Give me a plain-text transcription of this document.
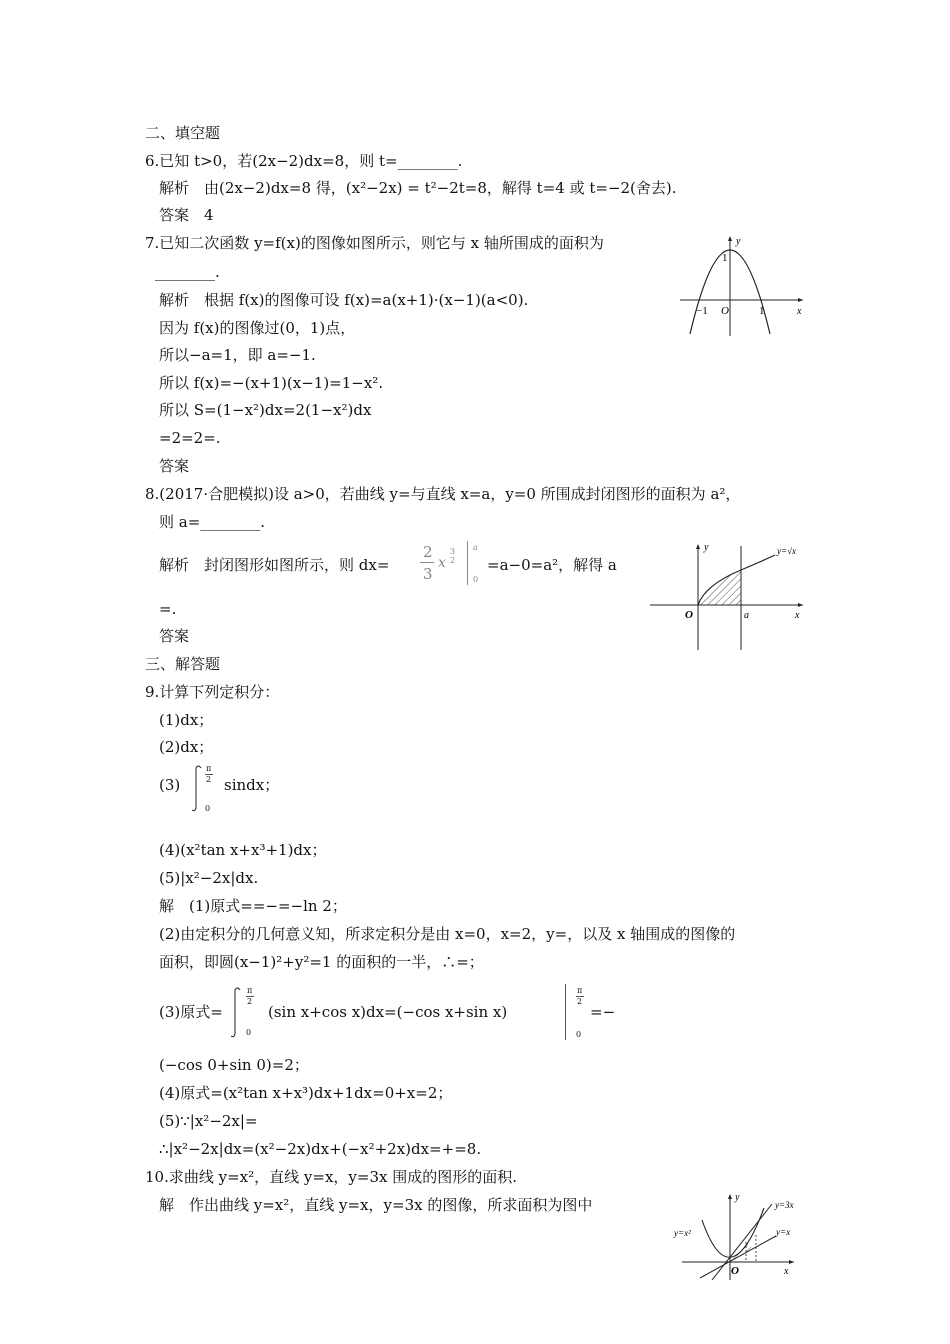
二、填空题
6.已知 t>0，若(2x−2)dx=8，则 t=________.
解析　由(2x−2)dx=8 得，(x²−2x) = t²−2t=8，解得 t=4 或 t=−2(舍去).
答案　4
7.已知二次函数 y=f(x)的图像如图所示，则它与 x 轴所围成的面积为
________.
解析　根据 f(x)的图像可设 f(x)=a(x+1)·(x−1)(a<0).
因为 f(x)的图像过(0，1)点，
所以−a=1，即 a=−1.
所以 f(x)=−(x+1)(x−1)=1−x².
所以 S=(1−x²)dx=2(1−x²)dx
=2=2=.
答案
8.(2017·合肥模拟)设 a>0，若曲线 y=与直线 x=a，y=0 所围成封闭图形的面积为 a²，
则 a=________.
解析　封闭图形如图所示，则 dx=
2
3
x
3
2
a
0
=a−0=a²，解得 a
=.
答案
三、解答题
9.计算下列定积分：
(1)dx；
(2)dx；
(3)
π
2
0
sindx；
(4)(x²tan x+x³+1)dx；
(5)|x²−2x|dx.
解　(1)原式==−=−ln 2；
(2)由定积分的几何意义知，所求定积分是由 x=0，x=2，y=，以及 x 轴围成的图像的
面积，即圆(x−1)²+y²=1 的面积的一半，∴=；
(3)原式=
π
2
0
(sin x+cos x)dx=(−cos x+sin x)
π
2
0
=−
(−cos 0+sin 0)=2；
(4)原式=(x²tan x+x³)dx+1dx=0+x=2；
(5)∵|x²−2x|=
∴|x²−2x|dx=(x²−2x)dx+(−x²+2x)dx=+=8.
10.求曲线 y=x²，直线 y=x，y=3x 围成的图形的面积.
解　作出曲线 y=x²，直线 y=x，y=3x 的图像，所求面积为图中
y
1
−1 O	1	x
y	y=√x
O	a	x
y
y=3x
y=x
y=x²
O	x
